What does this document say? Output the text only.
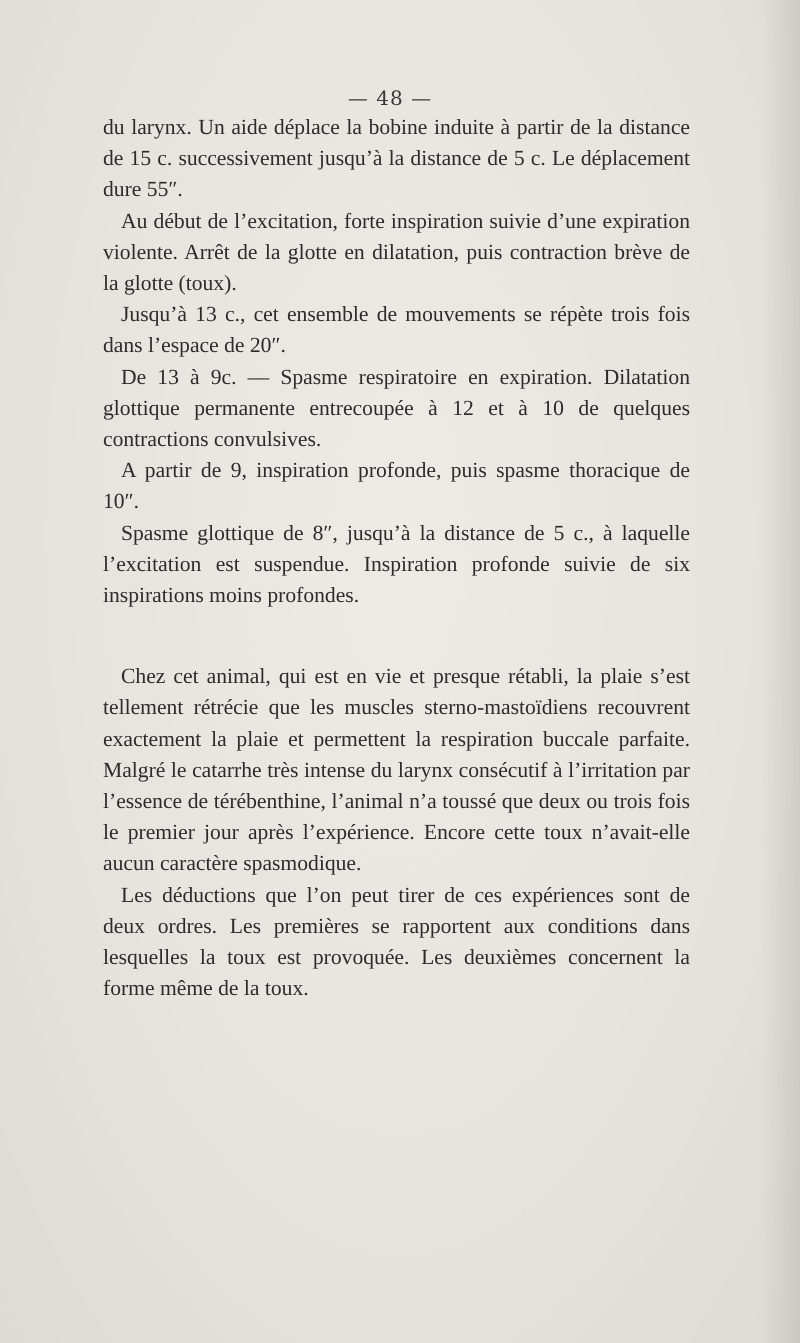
— 48 —

du larynx. Un aide déplace la bobine induite à partir de la distance de 15 c. successivement jusqu’à la distance de 5 c. Le déplacement dure 55″.

Au début de l’excitation, forte inspiration suivie d’une expiration violente. Arrêt de la glotte en dilatation, puis contraction brève de la glotte (toux).

Jusqu’à 13 c., cet ensemble de mouvements se répète trois fois dans l’espace de 20″.

De 13 à 9c. — Spasme respiratoire en expiration. Dilatation glottique permanente entrecoupée à 12 et à 10 de quelques contractions convulsives.

A partir de 9, inspiration profonde, puis spasme thoracique de 10″.

Spasme glottique de 8″, jusqu’à la distance de 5 c., à laquelle l’excitation est suspendue. Inspiration profonde suivie de six inspirations moins profondes.

Chez cet animal, qui est en vie et presque rétabli, la plaie s’est tellement rétrécie que les muscles sterno-mastoïdiens recouvrent exactement la plaie et permettent la respiration buccale parfaite. Malgré le catarrhe très intense du larynx consécutif à l’irritation par l’essence de térébenthine, l’animal n’a toussé que deux ou trois fois le premier jour après l’expérience. Encore cette toux n’avait-elle aucun caractère spasmodique.

Les déductions que l’on peut tirer de ces expériences sont de deux ordres. Les premières se rapportent aux conditions dans lesquelles la toux est provoquée. Les deuxièmes concernent la forme même de la toux.
